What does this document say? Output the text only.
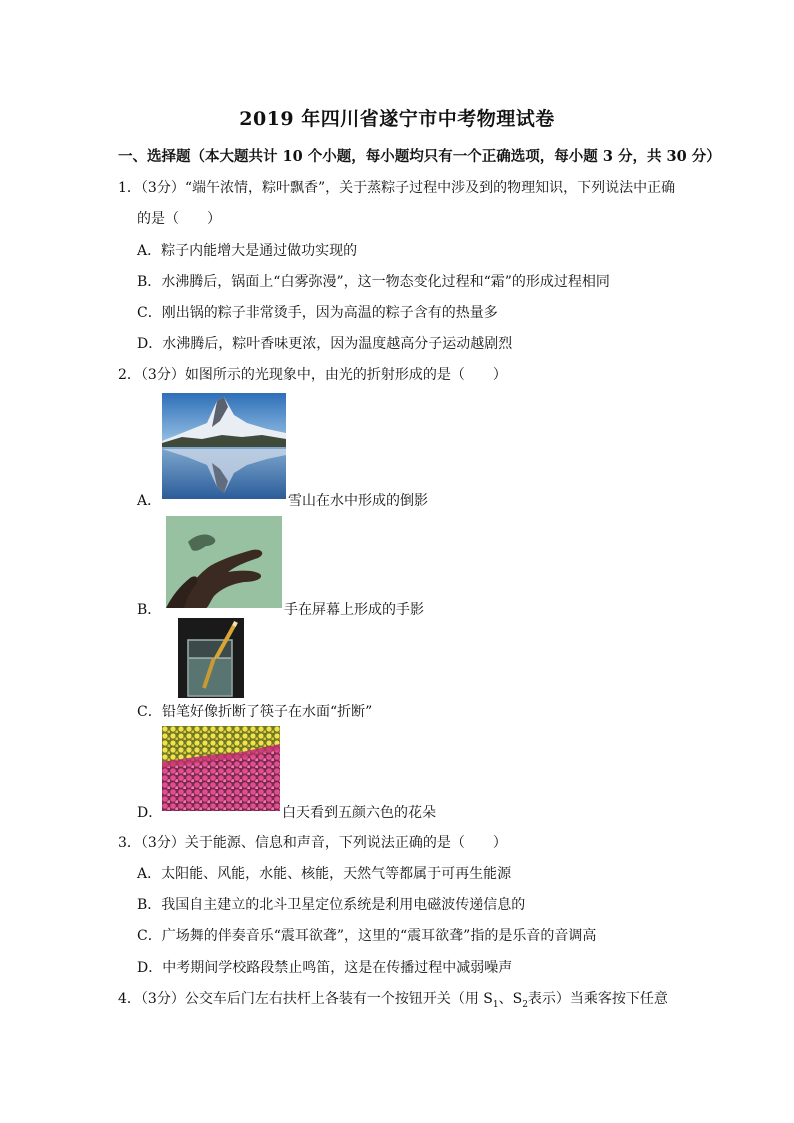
2019 年四川省遂宁市中考物理试卷
一、选择题（本大题共计 10 个小题，每小题均只有一个正确选项，每小题 3 分，共 30 分）
1．（3分）“端午浓情，粽叶飘香”，关于蒸粽子过程中涉及到的物理知识，下列说法中正确
的是（　　）
A．粽子内能增大是通过做功实现的
B．水沸腾后，锅面上“白雾弥漫”，这一物态变化过程和“霜”的形成过程相同
C．刚出锅的粽子非常烫手，因为高温的粽子含有的热量多
D．水沸腾后，粽叶香味更浓，因为温度越高分子运动越剧烈
2．（3分）如图所示的光现象中，由光的折射形成的是（　　）
A．	雪山在水中形成的倒影
B．	手在屏幕上形成的手影
C． 铅笔好像折断了筷子在水面“折断”
D．	白天看到五颜六色的花朵
3．（3分）关于能源、信息和声音，下列说法正确的是（　　）
A．太阳能、风能，水能、核能，天然气等都属于可再生能源
B．我国自主建立的北斗卫星定位系统是利用电磁波传递信息的
C．广场舞的伴奏音乐“震耳欲聋”，这里的“震耳欲聋”指的是乐音的音调高
D．中考期间学校路段禁止鸣笛，这是在传播过程中减弱噪声
4．（3分）公交车后门左右扶杆上各装有一个按钮开关（用 $S_1$、$S_2$表示）当乘客按下任意
